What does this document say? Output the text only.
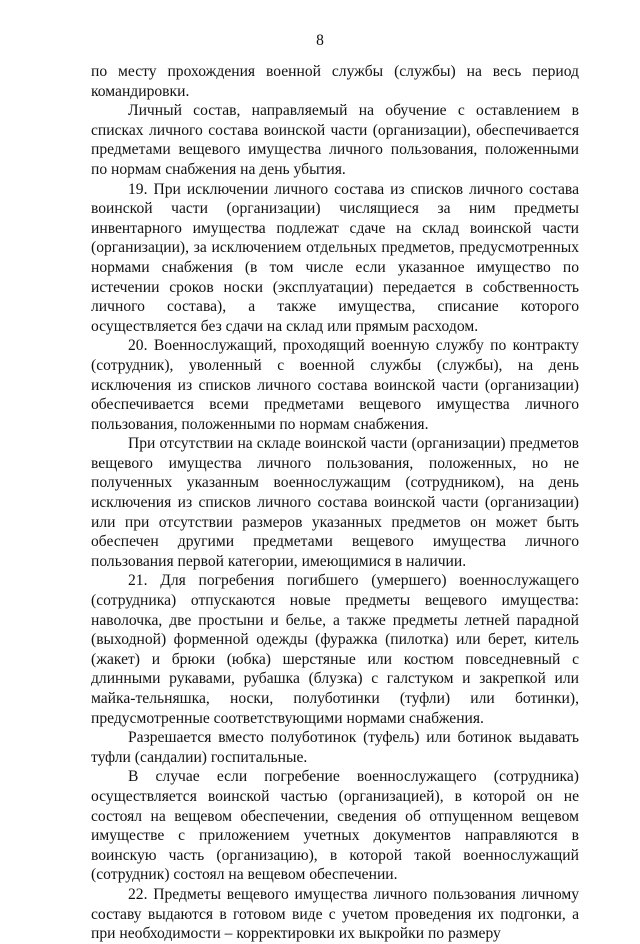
8

по месту прохождения военной службы (службы) на весь период командировки.

Личный состав, направляемый на обучение с оставлением в списках личного состава воинской части (организации), обеспечивается предметами вещевого имущества личного пользования, положенными по нормам снабжения на день убытия.

19. При исключении личного состава из списков личного состава воинской части (организации) числящиеся за ним предметы инвентарного имущества подлежат сдаче на склад воинской части (организации), за исключением отдельных предметов, предусмотренных нормами снабжения (в том числе если указанное имущество по истечении сроков носки (эксплуатации) передается в собственность личного состава), а также имущества, списание которого осуществляется без сдачи на склад или прямым расходом.

20. Военнослужащий, проходящий военную службу по контракту (сотрудник), уволенный с военной службы (службы), на день исключения из списков личного состава воинской части (организации) обеспечивается всеми предметами вещевого имущества личного пользования, положенными по нормам снабжения.

При отсутствии на складе воинской части (организации) предметов вещевого имущества личного пользования, положенных, но не полученных указанным военнослужащим (сотрудником), на день исключения из списков личного состава воинской части (организации) или при отсутствии размеров указанных предметов он может быть обеспечен другими предметами вещевого имущества личного пользования первой категории, имеющимися в наличии.

21. Для погребения погибшего (умершего) военнослужащего (сотрудника) отпускаются новые предметы вещевого имущества: наволочка, две простыни и белье, а также предметы летней парадной (выходной) форменной одежды (фуражка (пилотка) или берет, китель (жакет) и брюки (юбка) шерстяные или костюм повседневный с длинными рукавами, рубашка (блузка) с галстуком и закрепкой или майка-тельняшка, носки, полуботинки (туфли) или ботинки), предусмотренные соответствующими нормами снабжения.

Разрешается вместо полуботинок (туфель) или ботинок выдавать туфли (сандалии) госпитальные.

В случае если погребение военнослужащего (сотрудника) осуществляется воинской частью (организацией), в которой он не состоял на вещевом обеспечении, сведения об отпущенном вещевом имуществе с приложением учетных документов направляются в воинскую часть (организацию), в которой такой военнослужащий (сотрудник) состоял на вещевом обеспечении.

22. Предметы вещевого имущества личного пользования личному составу выдаются в готовом виде с учетом проведения их подгонки, а при необходимости – корректировки их выкройки по размеру
